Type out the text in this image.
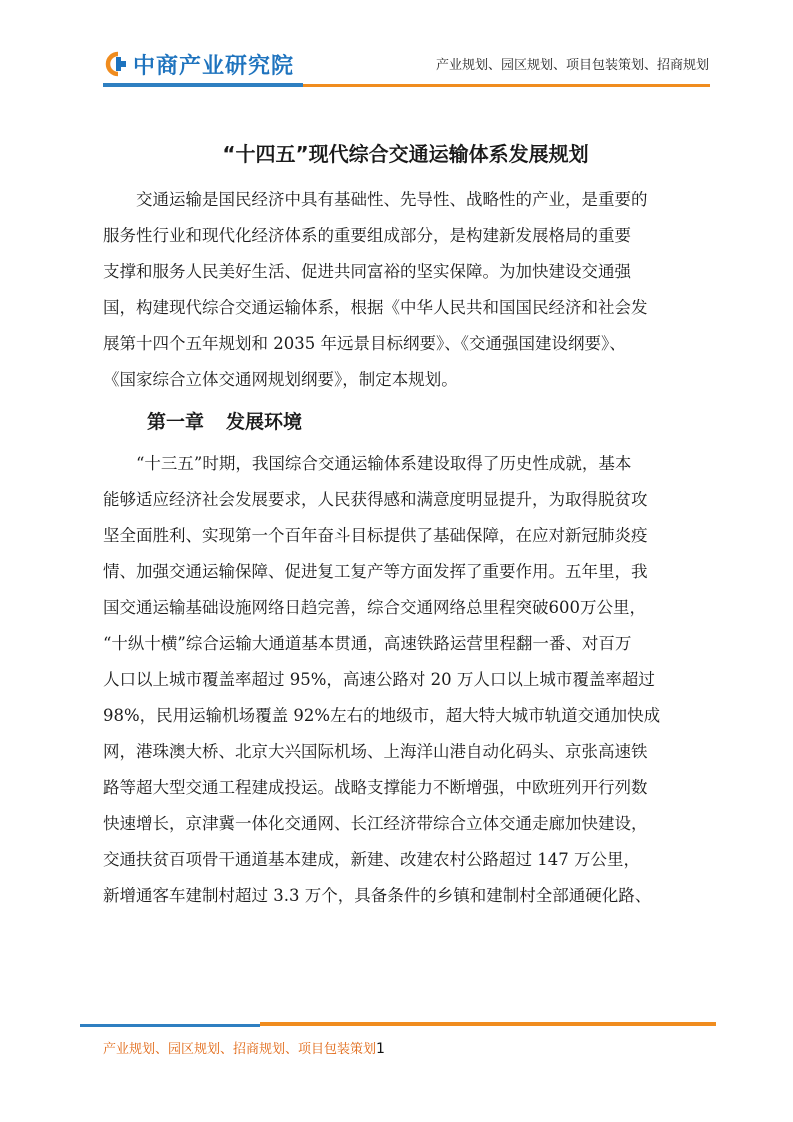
中商产业研究院	产业规划、园区规划、项目包装策划、招商规划
“十四五”现代综合交通运输体系发展规划
交通运输是国民经济中具有基础性、先导性、战略性的产业，是重要的
服务性行业和现代化经济体系的重要组成部分，是构建新发展格局的重要
支撑和服务人民美好生活、促进共同富裕的坚实保障。为加快建设交通强
国，构建现代综合交通运输体系，根据《中华人民共和国国民经济和社会发
展第十四个五年规划和 2035 年远景目标纲要》、《交通强国建设纲要》、
《国家综合立体交通网规划纲要》，制定本规划。
第一章 发展环境
“十三五”时期，我国综合交通运输体系建设取得了历史性成就，基本
能够适应经济社会发展要求，人民获得感和满意度明显提升，为取得脱贫攻
坚全面胜利、实现第一个百年奋斗目标提供了基础保障，在应对新冠肺炎疫
情、加强交通运输保障、促进复工复产等方面发挥了重要作用。五年里，我
国交通运输基础设施网络日趋完善，综合交通网络总里程突破600万公里，
“十纵十横”综合运输大通道基本贯通，高速铁路运营里程翻一番、对百万
人口以上城市覆盖率超过 95%，高速公路对 20 万人口以上城市覆盖率超过
98%，民用运输机场覆盖 92%左右的地级市，超大特大城市轨道交通加快成
网，港珠澳大桥、北京大兴国际机场、上海洋山港自动化码头、京张高速铁
路等超大型交通工程建成投运。战略支撑能力不断增强，中欧班列开行列数
快速增长，京津冀一体化交通网、长江经济带综合立体交通走廊加快建设，
交通扶贫百项骨干通道基本建成，新建、改建农村公路超过 147 万公里，
新增通客车建制村超过 3.3 万个，具备条件的乡镇和建制村全部通硬化路、
产业规划、园区规划、招商规划、项目包装策划1
